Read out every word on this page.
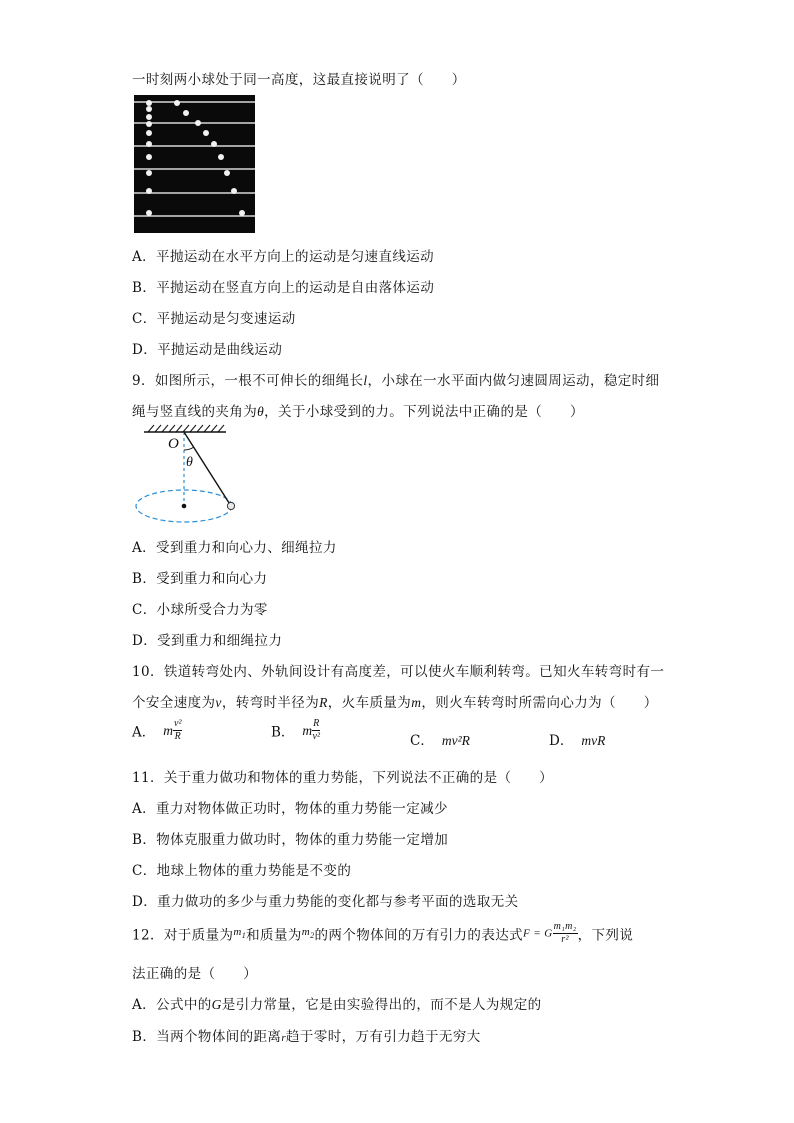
一时刻两小球处于同一高度，这最直接说明了（　　）
A．平抛运动在水平方向上的运动是匀速直线运动
B．平抛运动在竖直方向上的运动是自由落体运动
C．平抛运动是匀变速运动
D．平抛运动是曲线运动
9．如图所示，一根不可伸长的细绳长l，小球在一水平面内做匀速圆周运动，稳定时细
绳与竖直线的夹角为θ，关于小球受到的力。下列说法中正确的是（　　）
O
θ
A．受到重力和向心力、细绳拉力
B．受到重力和向心力
C．小球所受合力为零
D．受到重力和细绳拉力
10．铁道转弯处内、外轨间设计有高度差，可以使火车顺利转弯。已知火车转弯时有一
个安全速度为v，转弯时半径为R，火车质量为m，则火车转弯时所需向心力为（　　）
A． m $\frac{\text{v²}}{R}$	B． m $\frac{R}{\text{v²}}$	C． mv²R	D． mvR
11．关于重力做功和物体的重力势能，下列说法不正确的是（　　）
A．重力对物体做正功时，物体的重力势能一定减少
B．物体克服重力做功时，物体的重力势能一定增加
C．地球上物体的重力势能是不变的
D．重力做功的多少与重力势能的变化都与参考平面的选取无关
12．对于质量为$m_1$和质量为$m_2$的两个物体间的万有引力的表达式F = G $\frac{\text{m₁m₂}}{\text{r²}}$ ，下列说
法正确的是（　　）
A．公式中的G是引力常量，它是由实验得出的，而不是人为规定的
B．当两个物体间的距离r趋于零时，万有引力趋于无穷大
